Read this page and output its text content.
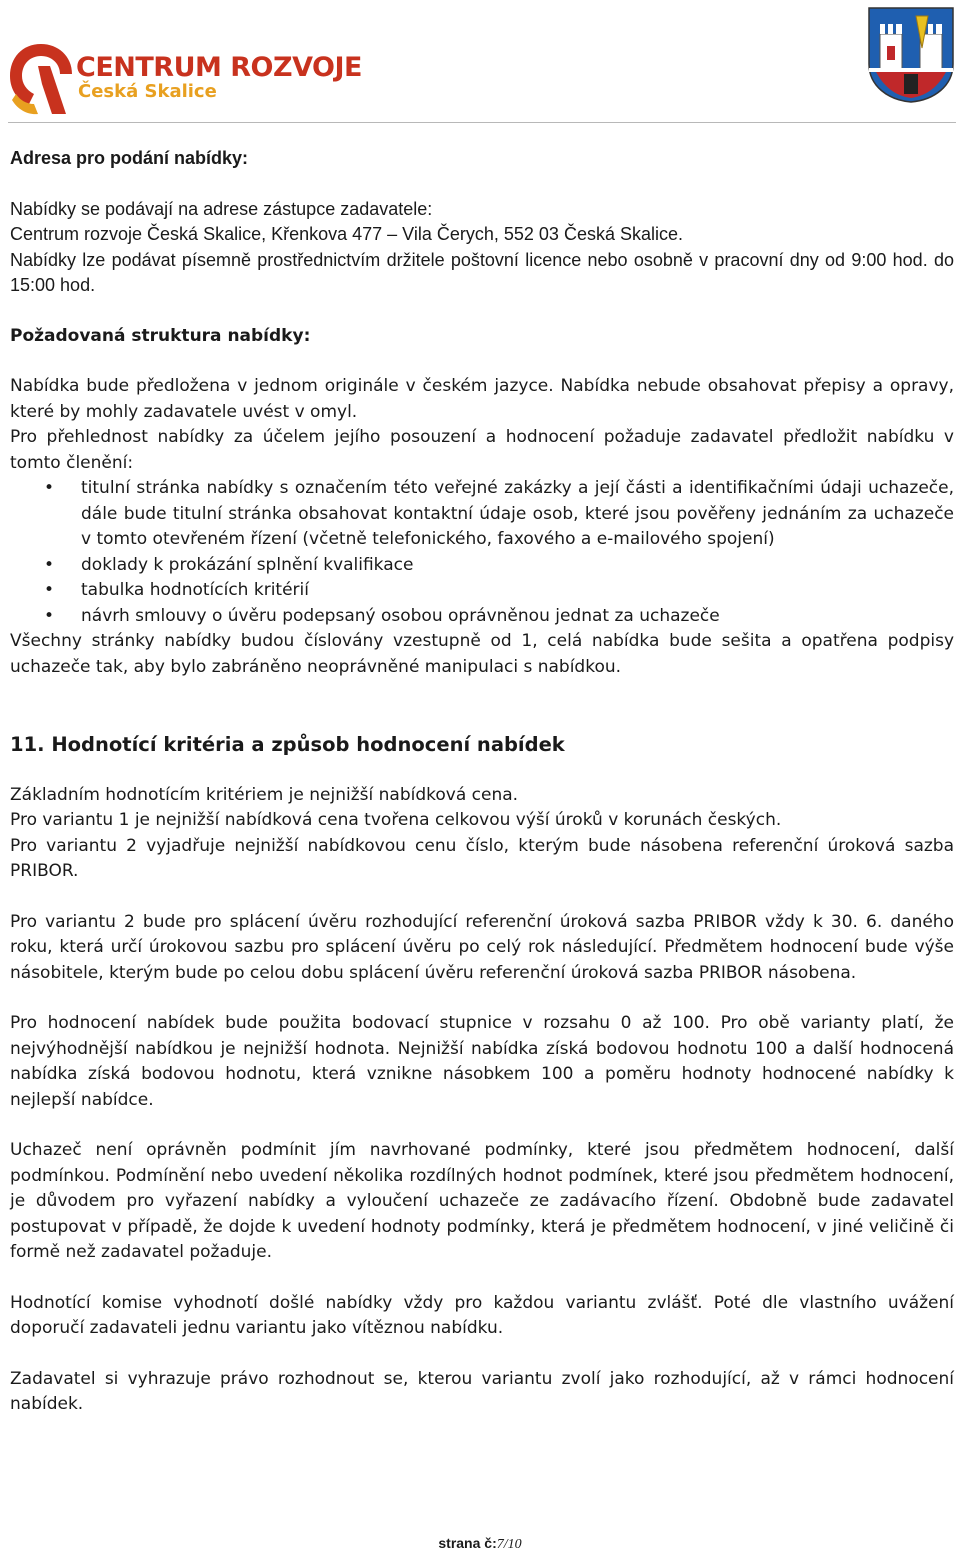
CENTRUM ROZVOJE
Česká Skalice

Adresa pro podání nabídky:

Nabídky se podávají na adrese zástupce zadavatele:

Centrum rozvoje Česká Skalice, Křenkova 477 – Vila Čerych, 552 03 Česká Skalice.

Nabídky lze podávat písemně prostřednictvím držitele poštovní licence nebo osobně v pracovní dny od 9:00 hod. do 15:00 hod.

Požadovaná struktura nabídky:

Nabídka bude předložena v jednom originále v českém jazyce. Nabídka nebude obsahovat přepisy a opravy, které by mohly zadavatele uvést v omyl.

Pro přehlednost nabídky za účelem jejího posouzení a hodnocení požaduje zadavatel předložit nabídku v tomto členění:

• titulní stránka nabídky s označením této veřejné zakázky a její části a identifikačními údaji uchazeče, dále bude titulní stránka obsahovat kontaktní údaje osob, které jsou pověřeny jednáním za uchazeče v tomto otevřeném řízení (včetně telefonického, faxového a e-mailového spojení)
• doklady k prokázání splnění kvalifikace
• tabulka hodnotících kritérií
• návrh smlouvy o úvěru podepsaný osobou oprávněnou jednat za uchazeče

Všechny stránky nabídky budou číslovány vzestupně od 1, celá nabídka bude sešita a opatřena podpisy uchazeče tak, aby bylo zabráněno neoprávněné manipulaci s nabídkou.

11. Hodnotící kritéria a způsob hodnocení nabídek

Základním hodnotícím kritériem je nejnižší nabídková cena.

Pro variantu 1 je nejnižší nabídková cena tvořena celkovou výší úroků v korunách českých.

Pro variantu 2 vyjadřuje nejnižší nabídkovou cenu číslo, kterým bude násobena referenční úroková sazba PRIBOR.

Pro variantu 2 bude pro splácení úvěru rozhodující referenční úroková sazba PRIBOR vždy k 30. 6. daného roku, která určí úrokovou sazbu pro splácení úvěru po celý rok následující. Předmětem hodnocení bude výše násobitele, kterým bude po celou dobu splácení úvěru referenční úroková sazba PRIBOR násobena.

Pro hodnocení nabídek bude použita bodovací stupnice v rozsahu 0 až 100. Pro obě varianty platí, že nejvýhodnější nabídkou je nejnižší hodnota. Nejnižší nabídka získá bodovou hodnotu 100 a další hodnocená nabídka získá bodovou hodnotu, která vznikne násobkem 100 a poměru hodnoty hodnocené nabídky k nejlepší nabídce.

Uchazeč není oprávněn podmínit jím navrhované podmínky, které jsou předmětem hodnocení, další podmínkou. Podmínění nebo uvedení několika rozdílných hodnot podmínek, které jsou předmětem hodnocení, je důvodem pro vyřazení nabídky a vyloučení uchazeče ze zadávacího řízení. Obdobně bude zadavatel postupovat v případě, že dojde k uvedení hodnoty podmínky, která je předmětem hodnocení, v jiné veličině či formě než zadavatel požaduje.

Hodnotící komise vyhodnotí došlé nabídky vždy pro každou variantu zvlášť. Poté dle vlastního uvážení doporučí zadavateli jednu variantu jako vítěznou nabídku.

Zadavatel si vyhrazuje právo rozhodnout se, kterou variantu zvolí jako rozhodující, až v rámci hodnocení nabídek.

strana č:7/10
